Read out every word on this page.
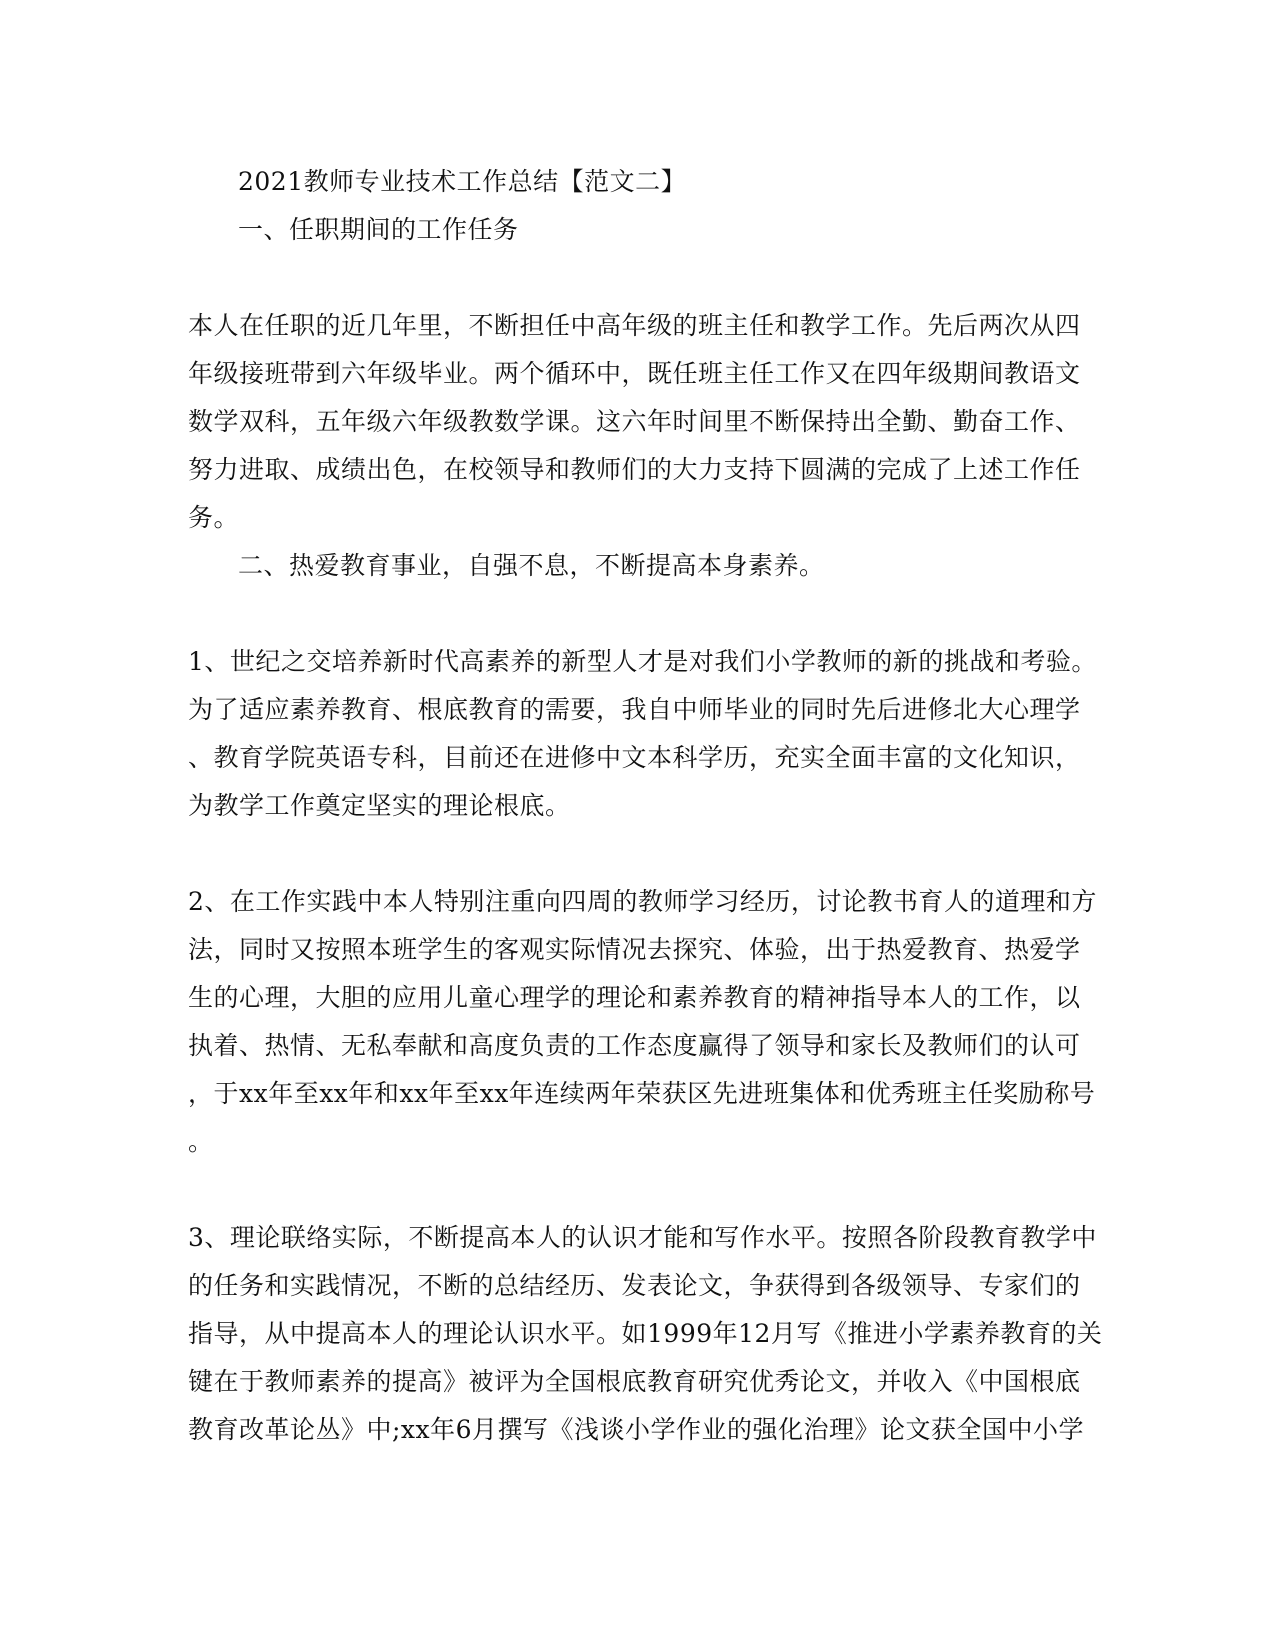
2021教师专业技术工作总结【范文二】
一、任职期间的工作任务
本人在任职的近几年里，不断担任中高年级的班主任和教学工作。先后两次从四
年级接班带到六年级毕业。两个循环中，既任班主任工作又在四年级期间教语文
数学双科，五年级六年级教数学课。这六年时间里不断保持出全勤、勤奋工作、
努力进取、成绩出色，在校领导和教师们的大力支持下圆满的完成了上述工作任
务。
二、热爱教育事业，自强不息，不断提高本身素养。
1、世纪之交培养新时代高素养的新型人才是对我们小学教师的新的挑战和考验。
为了适应素养教育、根底教育的需要，我自中师毕业的同时先后进修北大心理学
、教育学院英语专科，目前还在进修中文本科学历，充实全面丰富的文化知识，
为教学工作奠定坚实的理论根底。
2、在工作实践中本人特别注重向四周的教师学习经历，讨论教书育人的道理和方
法，同时又按照本班学生的客观实际情况去探究、体验，出于热爱教育、热爱学
生的心理，大胆的应用儿童心理学的理论和素养教育的精神指导本人的工作，以
执着、热情、无私奉献和高度负责的工作态度赢得了领导和家长及教师们的认可
，于xx年至xx年和xx年至xx年连续两年荣获区先进班集体和优秀班主任奖励称号
。
3、理论联络实际，不断提高本人的认识才能和写作水平。按照各阶段教育教学中
的任务和实践情况，不断的总结经历、发表论文，争获得到各级领导、专家们的
指导，从中提高本人的理论认识水平。如1999年12月写《推进小学素养教育的关
键在于教师素养的提高》被评为全国根底教育研究优秀论文，并收入《中国根底
教育改革论丛》中;xx年6月撰写《浅谈小学作业的强化治理》论文获全国中小学
